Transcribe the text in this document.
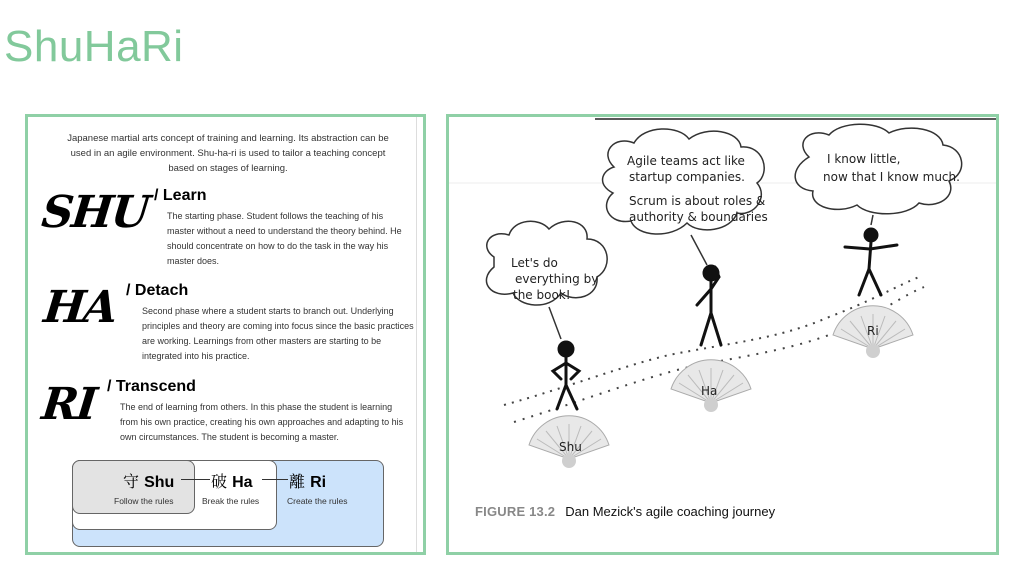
ShuHaRi
Japanese martial arts concept of training and learning. Its abstraction can be used in an agile environment. Shu-ha-ri is used to tailor a teaching concept based on stages of learning.
SHU / Learn
The starting phase. Student follows the teaching of his master without a need to understand the theory behind. He should concentrate on how to do the task in the way his master does.
HA / Detach
Second phase where a student starts to branch out. Underlying principles and theory are coming into focus since the basic practices are working. Learnings from other masters are starting to be integrated into his practice.
RI / Transcend
The end of learning from others. In this phase the student is learning from his own practice, creating his own approaches and adapting to his own circumstances. The student is becoming a master.
守 Shu
Follow the rules
破 Ha
Break the rules
離 Ri
Create the rules
Shu
Ha
Ri
Let's do everything by the book!
Agile teams act like startup companies. Scrum is about roles & authority & boundaries
I know little, now that I know much.
FIGURE 13.2 Dan Mezick's agile coaching journey
